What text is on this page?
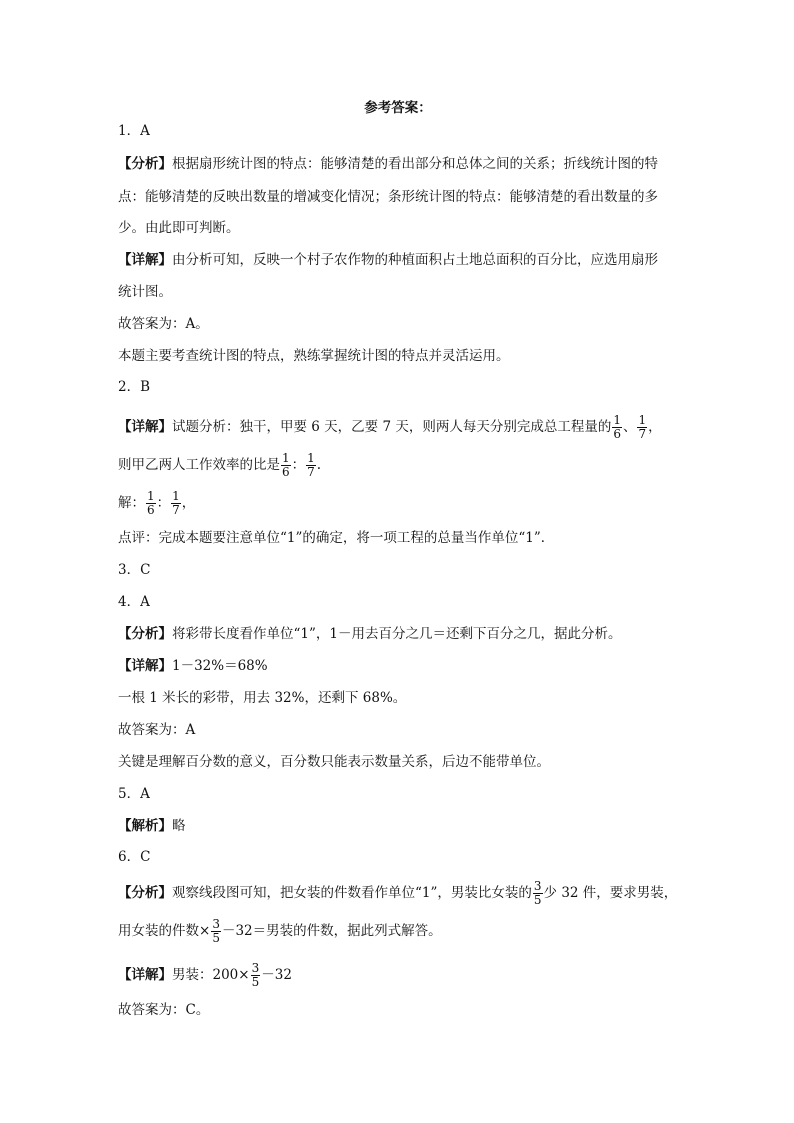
参考答案：
1．A
【分析】根据扇形统计图的特点：能够清楚的看出部分和总体之间的关系；折线统计图的特
点：能够清楚的反映出数量的增减变化情况；条形统计图的特点：能够清楚的看出数量的多
少。由此即可判断。
【详解】由分析可知，反映一个村子农作物的种植面积占土地总面积的百分比，应选用扇形
统计图。
故答案为：A。
本题主要考查统计图的特点，熟练掌握统计图的特点并灵活运用。
2．B
【详解】试题分析：独干，甲要 6 天，乙要 7 天，则两人每天分别完成总工程量的 $\frac{1}{6}$ 、 $\frac{1}{7}$ ，
则甲乙两人工作效率的比是 $\frac{1}{6}$ ： $\frac{1}{7}$ .
解： $\frac{1}{6}$ ： $\frac{1}{7}$ ，
点评：完成本题要注意单位“1”的确定，将一项工程的总量当作单位“1”．
3．C
4．A
【分析】将彩带长度看作单位“1”，1－用去百分之几＝还剩下百分之几，据此分析。
【详解】1－32%＝68%
一根 1 米长的彩带，用去 32%，还剩下 68%。
故答案为：A
关键是理解百分数的意义，百分数只能表示数量关系，后边不能带单位。
5．A
【解析】略
6．C
【分析】观察线段图可知，把女装的件数看作单位“1”，男装比女装的 $\frac{3}{5}$ 少 32 件，要求男装，
用女装的件数× $\frac{3}{5} -32=$男装的件数，据此列式解答。
【详解】男装：$200\times \frac{3}{5} -32$
故答案为：C。
